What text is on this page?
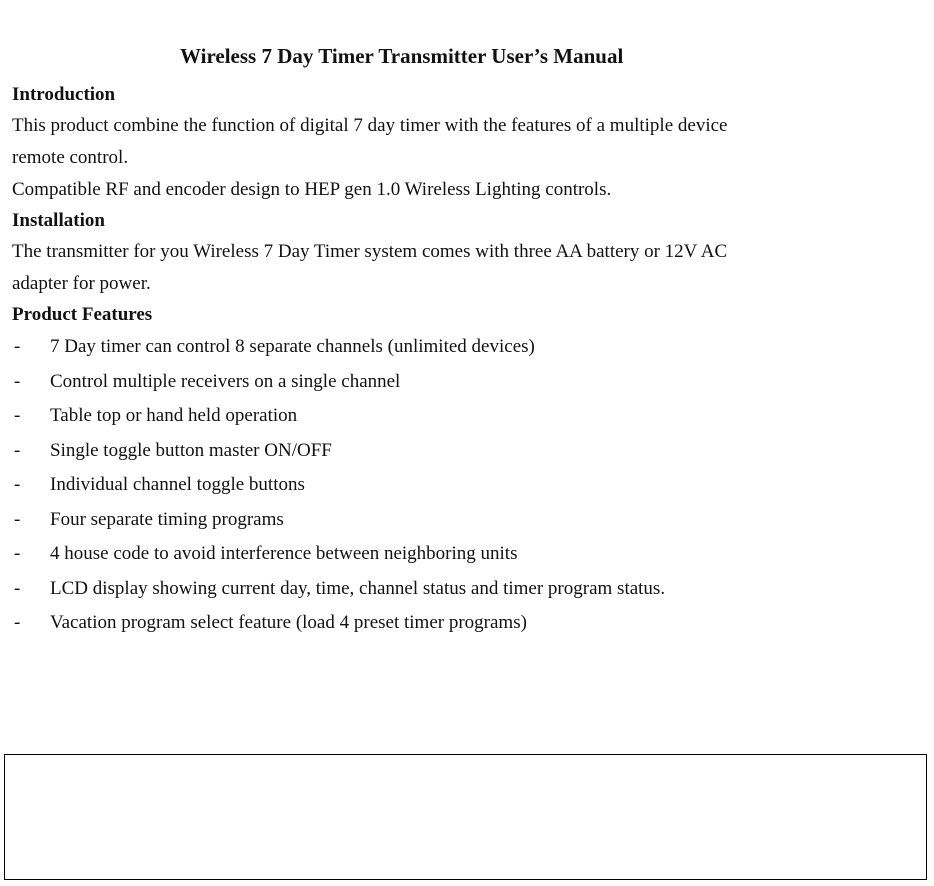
Wireless 7 Day Timer Transmitter User’s Manual
Introduction
This product combine the function of digital 7 day timer with the features of a multiple device
remote control.
Compatible RF and encoder design to HEP gen 1.0 Wireless Lighting controls.
Installation
The transmitter for you Wireless 7 Day Timer system comes with three AA battery or 12V AC
adapter for power.
Product Features
-	7 Day timer can control 8 separate channels (unlimited devices)
-	Control multiple receivers on a single channel
-	Table top or hand held operation
-	Single toggle button master ON/OFF
-	Individual channel toggle buttons
-	Four separate timing programs
-	4 house code to avoid interference between neighboring units
-	LCD display showing current day, time, channel status and timer program status.
-	Vacation program select feature (load 4 preset timer programs)
